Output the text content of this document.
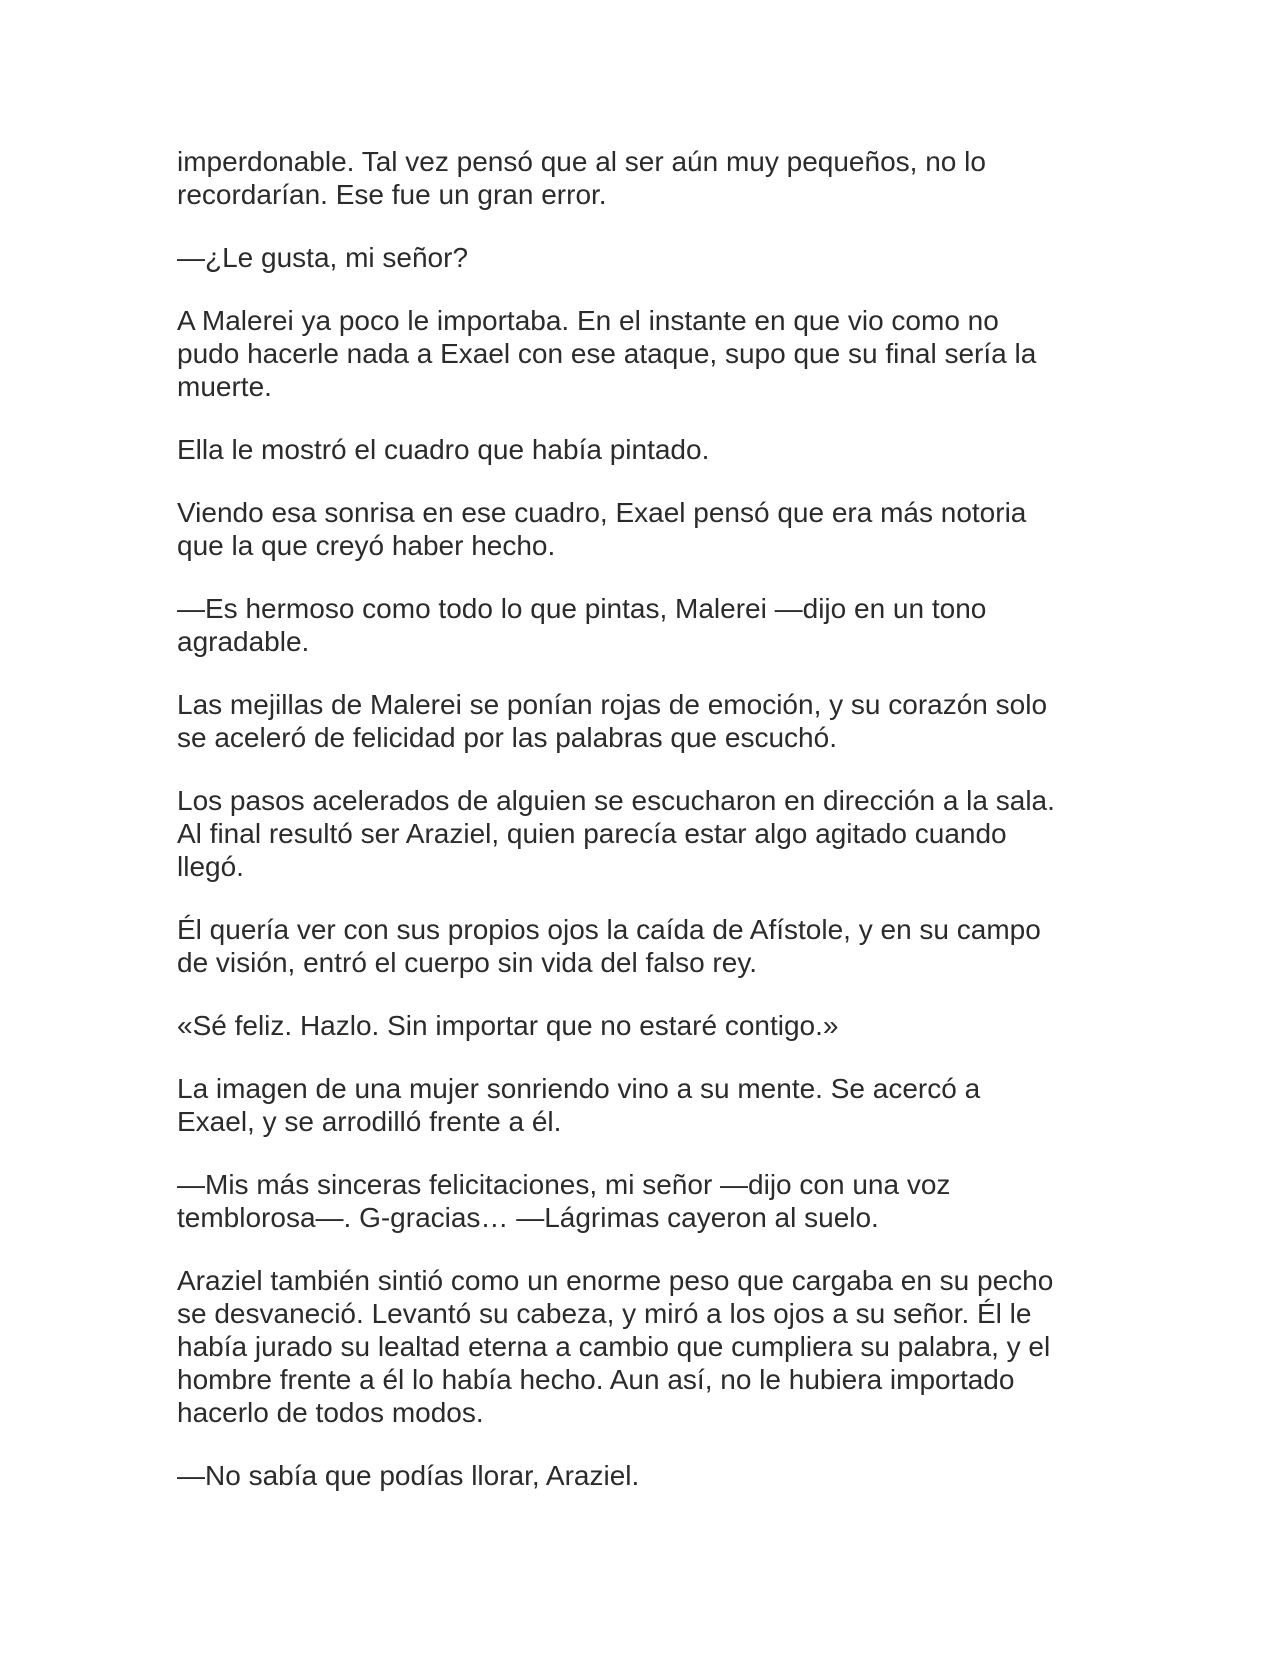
imperdonable. Tal vez pensó que al ser aún muy pequeños, no lo
recordarían. Ese fue un gran error.

—¿Le gusta, mi señor?

A Malerei ya poco le importaba. En el instante en que vio como no
pudo hacerle nada a Exael con ese ataque, supo que su final sería la
muerte.

Ella le mostró el cuadro que había pintado.

Viendo esa sonrisa en ese cuadro, Exael pensó que era más notoria
que la que creyó haber hecho.

—Es hermoso como todo lo que pintas, Malerei —dijo en un tono
agradable.

Las mejillas de Malerei se ponían rojas de emoción, y su corazón solo
se aceleró de felicidad por las palabras que escuchó.

Los pasos acelerados de alguien se escucharon en dirección a la sala.
Al final resultó ser Araziel, quien parecía estar algo agitado cuando
llegó.

Él quería ver con sus propios ojos la caída de Afístole, y en su campo
de visión, entró el cuerpo sin vida del falso rey.

«Sé feliz. Hazlo. Sin importar que no estaré contigo.»

La imagen de una mujer sonriendo vino a su mente. Se acercó a
Exael, y se arrodilló frente a él.

—Mis más sinceras felicitaciones, mi señor —dijo con una voz
temblorosa—. G-gracias… —Lágrimas cayeron al suelo.

Araziel también sintió como un enorme peso que cargaba en su pecho
se desvaneció. Levantó su cabeza, y miró a los ojos a su señor. Él le
había jurado su lealtad eterna a cambio que cumpliera su palabra, y el
hombre frente a él lo había hecho. Aun así, no le hubiera importado
hacerlo de todos modos.

—No sabía que podías llorar, Araziel.
